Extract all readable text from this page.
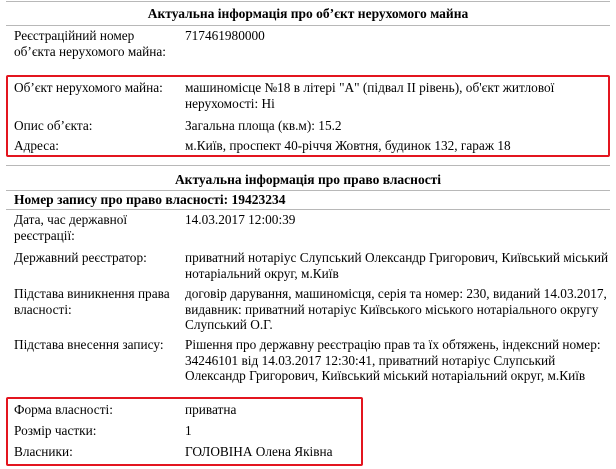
Актуальна інформація про об’єкт нерухомого майна
Реєстраційний номер об’єкта нерухомого майна:
717461980000
Об’єкт нерухомого майна:	машиномісце №18 в літері "А" (підвал ІІ рівень), об'єкт житлової нерухомості: Ні
Опис об’єкта:	Загальна площа (кв.м): 15.2
Адреса:	м.Київ, проспект 40-річчя Жовтня, будинок 132, гараж 18
Актуальна інформація про право власності
Номер запису про право власності: 19423234
Дата, час державної реєстрації:
14.03.2017 12:00:39
Державний реєстратор:	приватний нотаріус Слупський Олександр Григорович, Київський міський нотаріальний округ, м.Київ
Підстава виникнення права власності:
договір дарування, машиномісця, серія та номер: 230, виданий 14.03.2017, видавник: приватний нотаріус Київського міського нотаріального округу Слупський О.Г.
Підстава внесення запису:	Рішення про державну реєстрацію прав та їх обтяжень, індексний номер: 34246101 від 14.03.2017 12:30:41, приватний нотаріус Слупський Олександр Григорович, Київський міський нотаріальний округ, м.Київ
Форма власності:	приватна
Розмір частки:	1
Власники:	ГОЛОВІНА Олена Яківна
